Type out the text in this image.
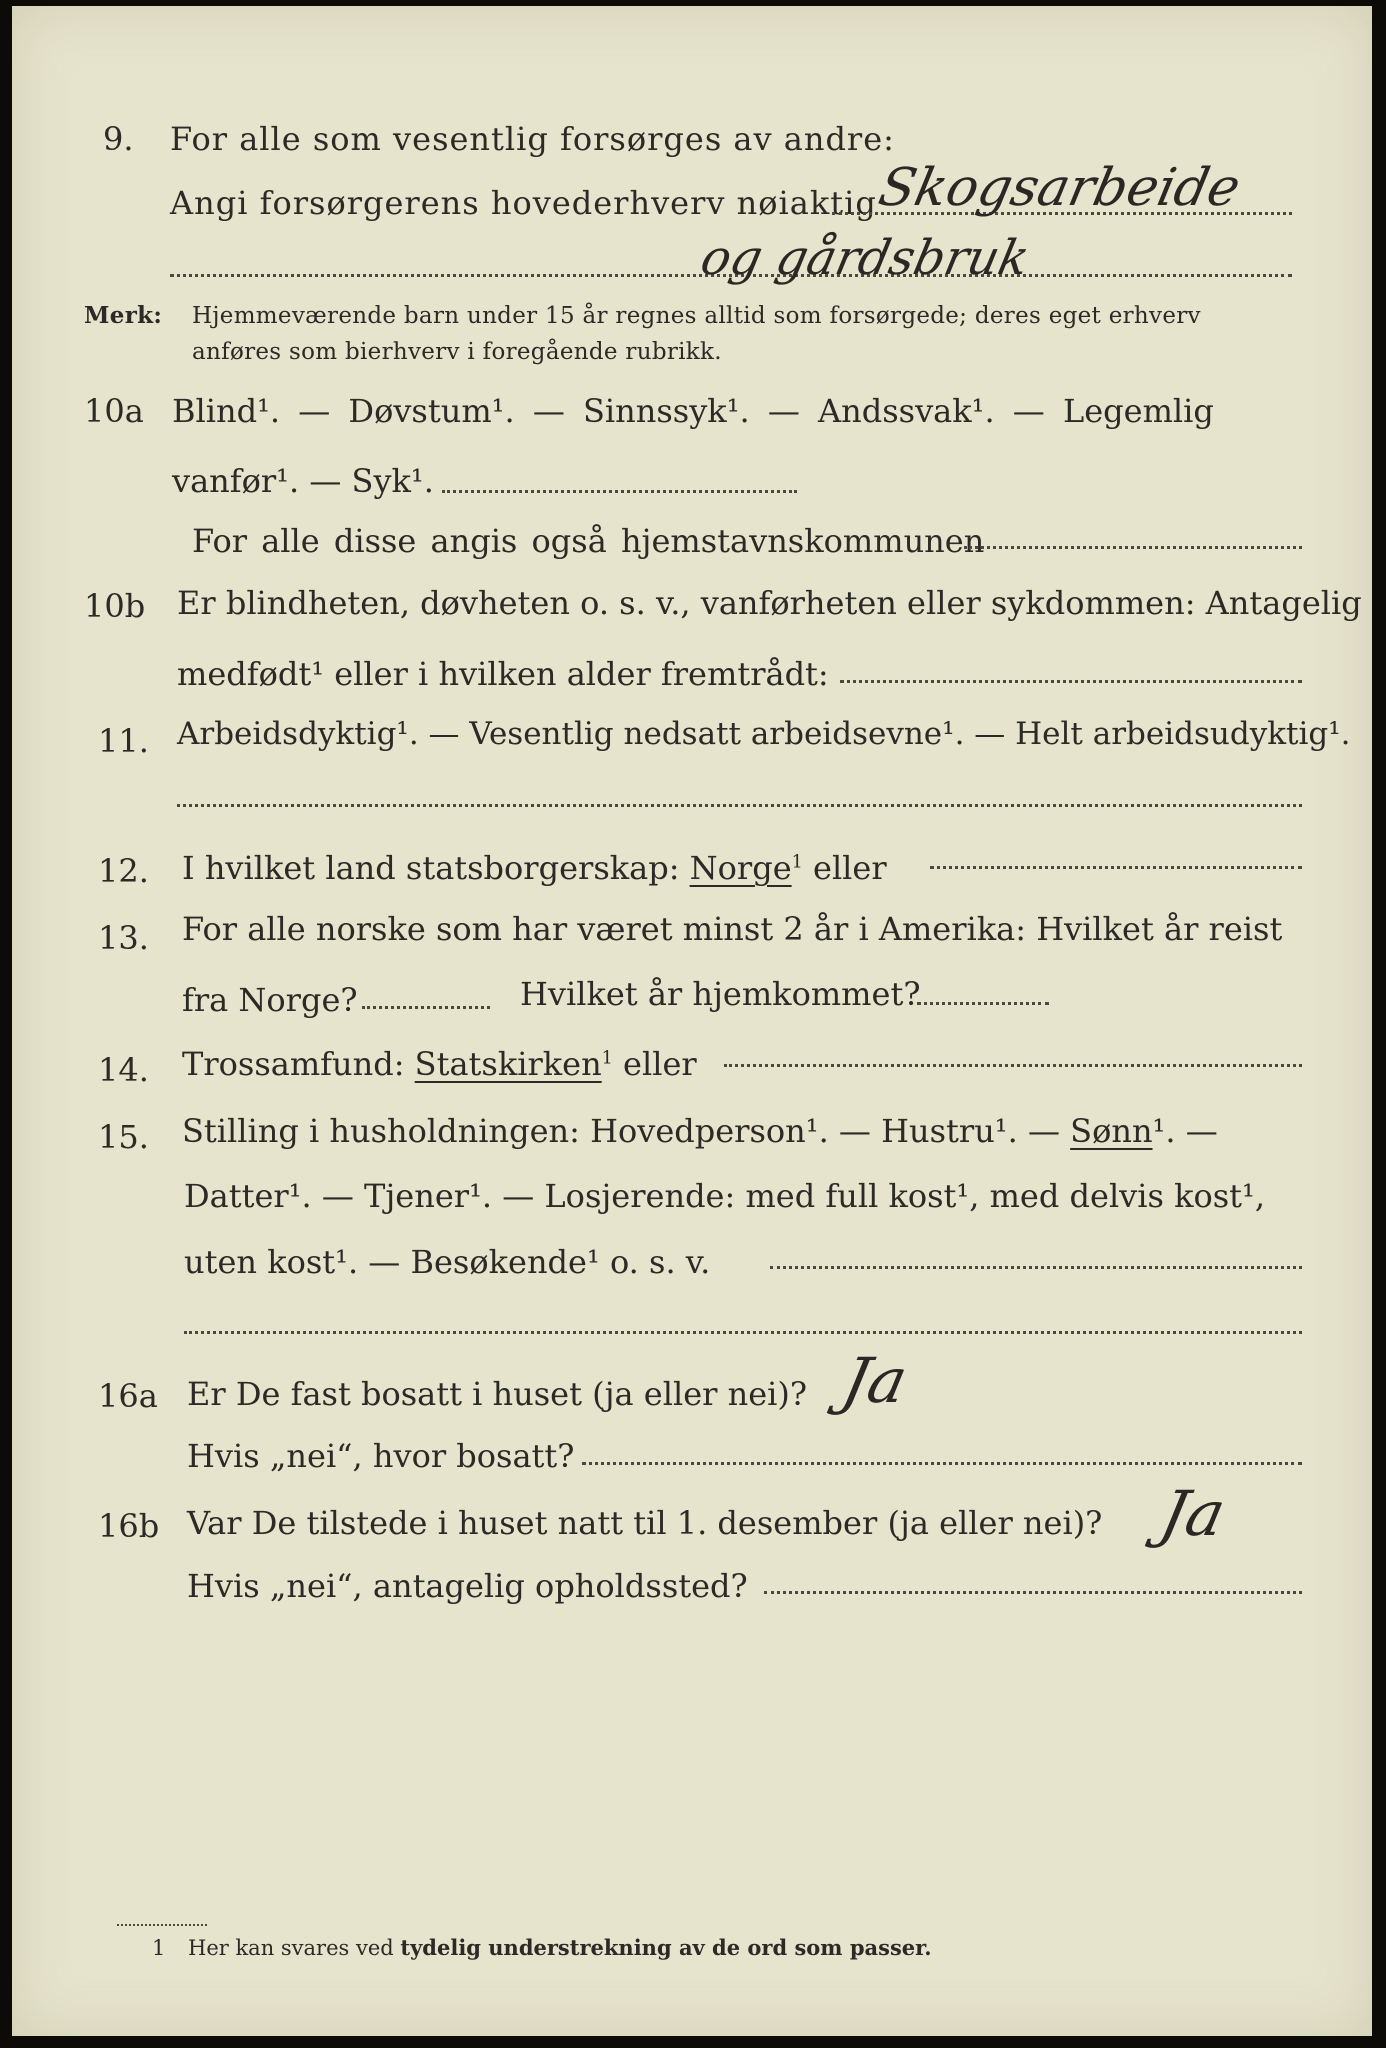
9. For alle som vesentlig forsørges av andre:
Angi forsørgerens hovederhverv nøiaktig
Skogsarbeide
og gårdsbruk
Merk: Hjemmeværende barn under 15 år regnes alltid som forsørgede; deres eget erhverv
anføres som bierhverv i foregående rubrikk.
10a Blind¹. — Døvstum¹. — Sinnssyk¹. — Andssvak¹. — Legemlig
vanfør¹. — Syk¹.
For alle disse angis også hjemstavnskommunen
10b Er blindheten, døvheten o. s. v., vanførheten eller sykdommen: Antagelig
medfødt¹ eller i hvilken alder fremtrådt:
11. Arbeidsdyktig¹. — Vesentlig nedsatt arbeidsevne¹. — Helt arbeidsudyktig¹.
12. I hvilket land statsborgerskap: Norge$^1$ eller
13. For alle norske som har været minst 2 år i Amerika: Hvilket år reist
fra Norge?	Hvilket år hjemkommet?
14. Trossamfund: Statskirken$^1$ eller
15. Stilling i husholdningen: Hovedperson¹. — Hustru¹. — Sønn¹. —
Datter¹. — Tjener¹. — Losjerende: med full kost¹, med delvis kost¹,
uten kost¹. — Besøkende¹ o. s. v.
16a Er De fast bosatt i huset (ja eller nei)? Ja
Hvis „nei“, hvor bosatt?
16b Var De tilstede i huset natt til 1. desember (ja eller nei)? Ja
Hvis „nei“, antagelig opholdssted?
1 Her kan svares ved tydelig understrekning av de ord som passer.
